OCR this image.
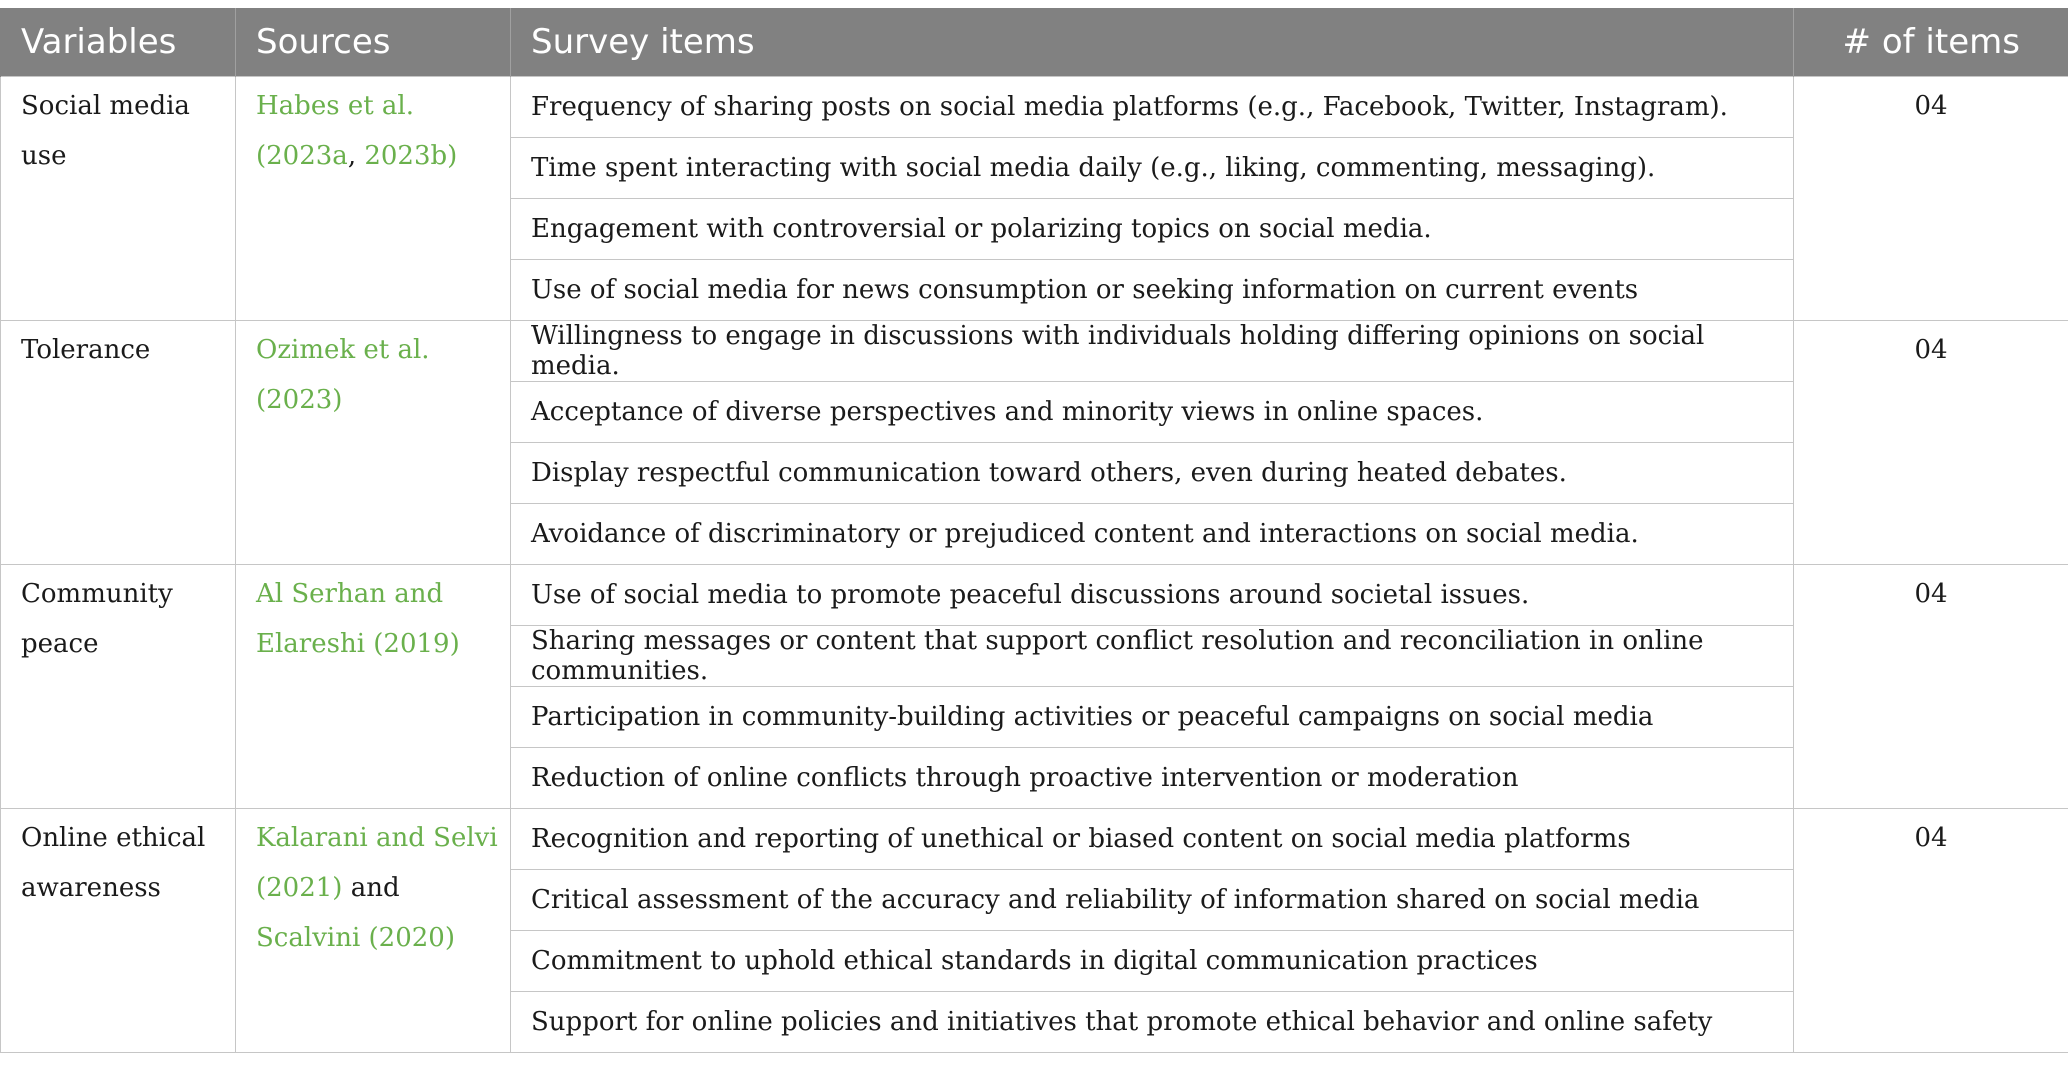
Variables	Sources	Survey items	# of items

Social media use	Habes et al. (2023a, 2023b)	Frequency of sharing posts on social media platforms (e.g., Facebook, Twitter, Instagram).	04
		Time spent interacting with social media daily (e.g., liking, commenting, messaging).	
		Engagement with controversial or polarizing topics on social media.	
		Use of social media for news consumption or seeking information on current events	

Tolerance	Ozimek et al. (2023)	Willingness to engage in discussions with individuals holding differing opinions on social media.	04
		Acceptance of diverse perspectives and minority views in online spaces.	
		Display respectful communication toward others, even during heated debates.	
		Avoidance of discriminatory or prejudiced content and interactions on social media.	

Community peace	Al Serhan and Elareshi (2019)	Use of social media to promote peaceful discussions around societal issues.	04
		Sharing messages or content that support conflict resolution and reconciliation in online communities.	
		Participation in community-building activities or peaceful campaigns on social media	
		Reduction of online conflicts through proactive intervention or moderation	

Online ethical awareness	Kalarani and Selvi (2021) and Scalvini (2020)	Recognition and reporting of unethical or biased content on social media platforms	04
		Critical assessment of the accuracy and reliability of information shared on social media	
		Commitment to uphold ethical standards in digital communication practices	
		Support for online policies and initiatives that promote ethical behavior and online safety	
